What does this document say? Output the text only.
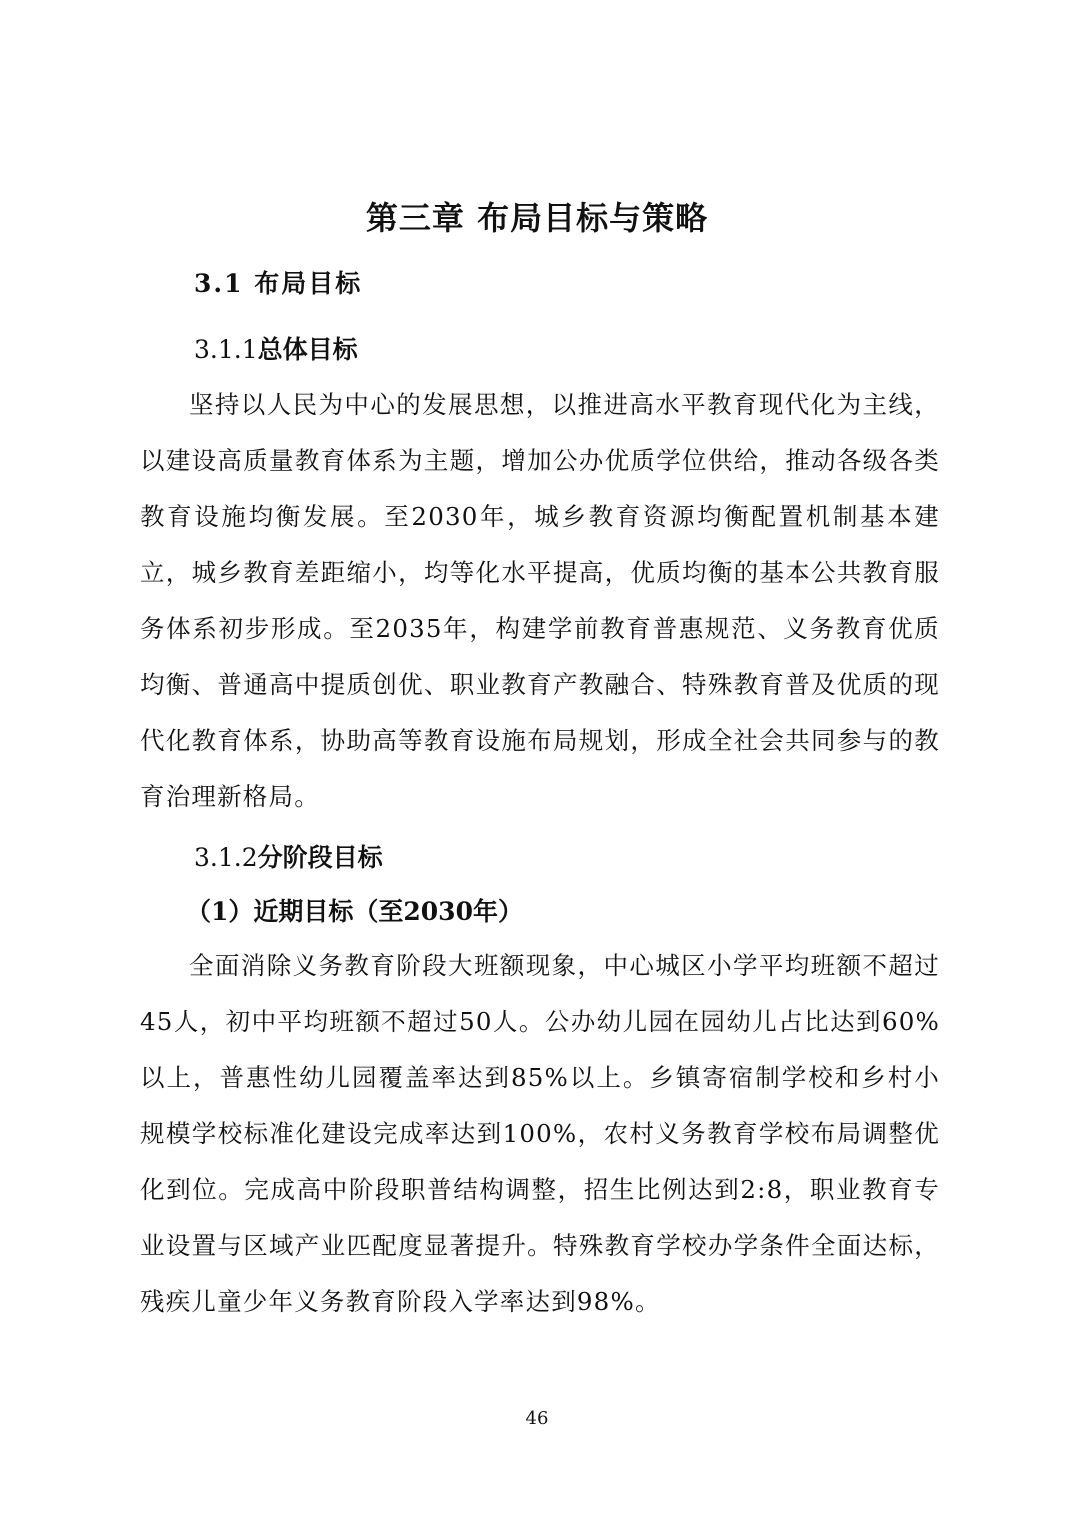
第三章 布局目标与策略
3.1 布局目标
3.1.1总体目标

坚持以人民为中心的发展思想，以推进高水平教育现代化为主线，以建设高质量教育体系为主题，增加公办优质学位供给，推动各级各类教育设施均衡发展。至2030年，城乡教育资源均衡配置机制基本建立，城乡教育差距缩小，均等化水平提高，优质均衡的基本公共教育服务体系初步形成。至2035年，构建学前教育普惠规范、义务教育优质均衡、普通高中提质创优、职业教育产教融合、特殊教育普及优质的现代化教育体系，协助高等教育设施布局规划，形成全社会共同参与的教育治理新格局。

3.1.2分阶段目标
（1）近期目标（至2030年）

全面消除义务教育阶段大班额现象，中心城区小学平均班额不超过45人，初中平均班额不超过50人。公办幼儿园在园幼儿占比达到60%以上，普惠性幼儿园覆盖率达到85%以上。乡镇寄宿制学校和乡村小规模学校标准化建设完成率达到100%，农村义务教育学校布局调整优化到位。完成高中阶段职普结构调整，招生比例达到2:8，职业教育专业设置与区域产业匹配度显著提升。特殊教育学校办学条件全面达标，残疾儿童少年义务教育阶段入学率达到98%。

46
